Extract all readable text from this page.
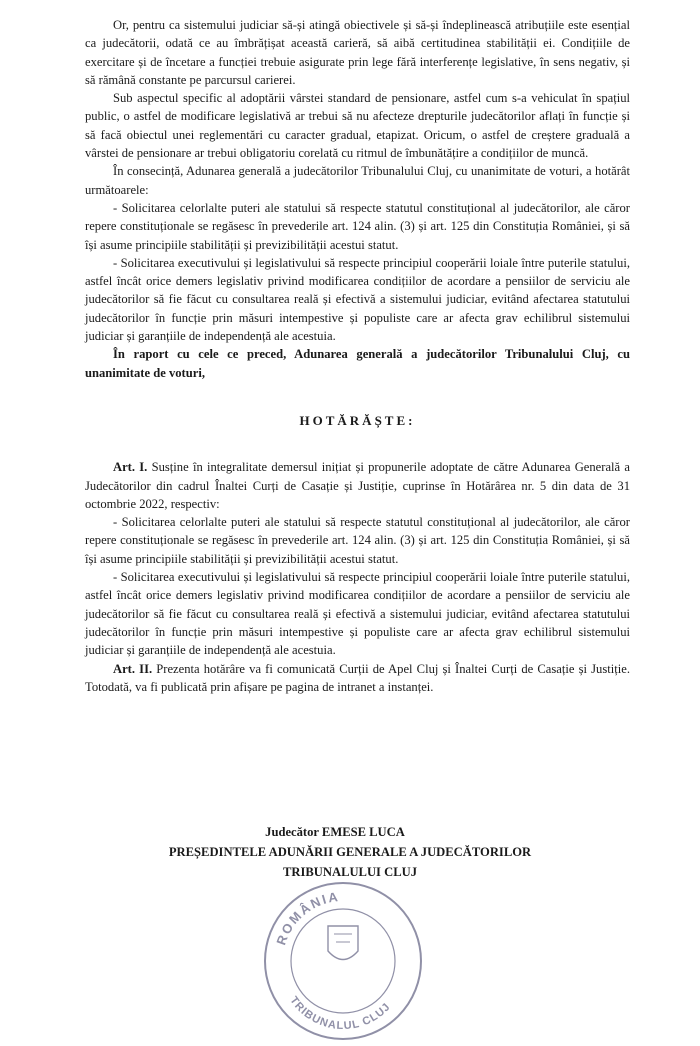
Or, pentru ca sistemului judiciar să-și atingă obiectivele și să-și îndeplinească atribuțiile este esențial ca judecătorii, odată ce au îmbrățișat această carieră, să aibă certitudinea stabilității ei. Condițiile de exercitare și de încetare a funcției trebuie asigurate prin lege fără interferențe legislative, în sens negativ, și să rămână constante pe parcursul carierei.

Sub aspectul specific al adoptării vârstei standard de pensionare, astfel cum s-a vehiculat în spațiul public, o astfel de modificare legislativă ar trebui să nu afecteze drepturile judecătorilor aflați în funcție și să facă obiectul unei reglementări cu caracter gradual, etapizat. Oricum, o astfel de creștere graduală a vârstei de pensionare ar trebui obligatoriu corelată cu ritmul de îmbunătățire a condițiilor de muncă.

În consecință, Adunarea generală a judecătorilor Tribunalului Cluj, cu unanimitate de voturi, a hotărât următoarele:

- Solicitarea celorlalte puteri ale statului să respecte statutul constituțional al judecătorilor, ale căror repere constituționale se regăsesc în prevederile art. 124 alin. (3) și art. 125 din Constituția României, și să își asume principiile stabilității și previzibilității acestui statut.

- Solicitarea executivului și legislativului să respecte principiul cooperării loiale între puterile statului, astfel încât orice demers legislativ privind modificarea condițiilor de acordare a pensiilor de serviciu ale judecătorilor să fie făcut cu consultarea reală și efectivă a sistemului judiciar, evitând afectarea statutului judecătorilor în funcție prin măsuri intempestive și populiste care ar afecta grav echilibrul sistemului judiciar și garanțiile de independență ale acestuia.

În raport cu cele ce preced, Adunarea generală a judecătorilor Tribunalului Cluj, cu unanimitate de voturi,

HOTĂRĂȘTE:

Art. I. Susține în integralitate demersul inițiat și propunerile adoptate de către Adunarea Generală a Judecătorilor din cadrul Înaltei Curți de Casație și Justiție, cuprinse în Hotărârea nr. 5 din data de 31 octombrie 2022, respectiv:

- Solicitarea celorlalte puteri ale statului să respecte statutul constituțional al judecătorilor, ale căror repere constituționale se regăsesc în prevederile art. 124 alin. (3) și art. 125 din Constituția României, și să își asume principiile stabilității și previzibilității acestui statut.

- Solicitarea executivului și legislativului să respecte principiul cooperării loiale între puterile statului, astfel încât orice demers legislativ privind modificarea condițiilor de acordare a pensiilor de serviciu ale judecătorilor să fie făcut cu consultarea reală și efectivă a sistemului judiciar, evitând afectarea statutului judecătorilor în funcție prin măsuri intempestive și populiste care ar afecta grav echilibrul sistemului judiciar și garanțiile de independență ale acestuia.

Art. II. Prezenta hotărâre va fi comunicată Curții de Apel Cluj și Înaltei Curți de Casație și Justiție. Totodată, va fi publicată prin afișare pe pagina de intranet a instanței.

Judecător EMESE LUCA
PREȘEDINTELE ADUNĂRII GENERALE A JUDECĂTORILOR
TRIBUNALULUI CLUJ
ROMÂNIA
TRIBUNALUL CLUJ
